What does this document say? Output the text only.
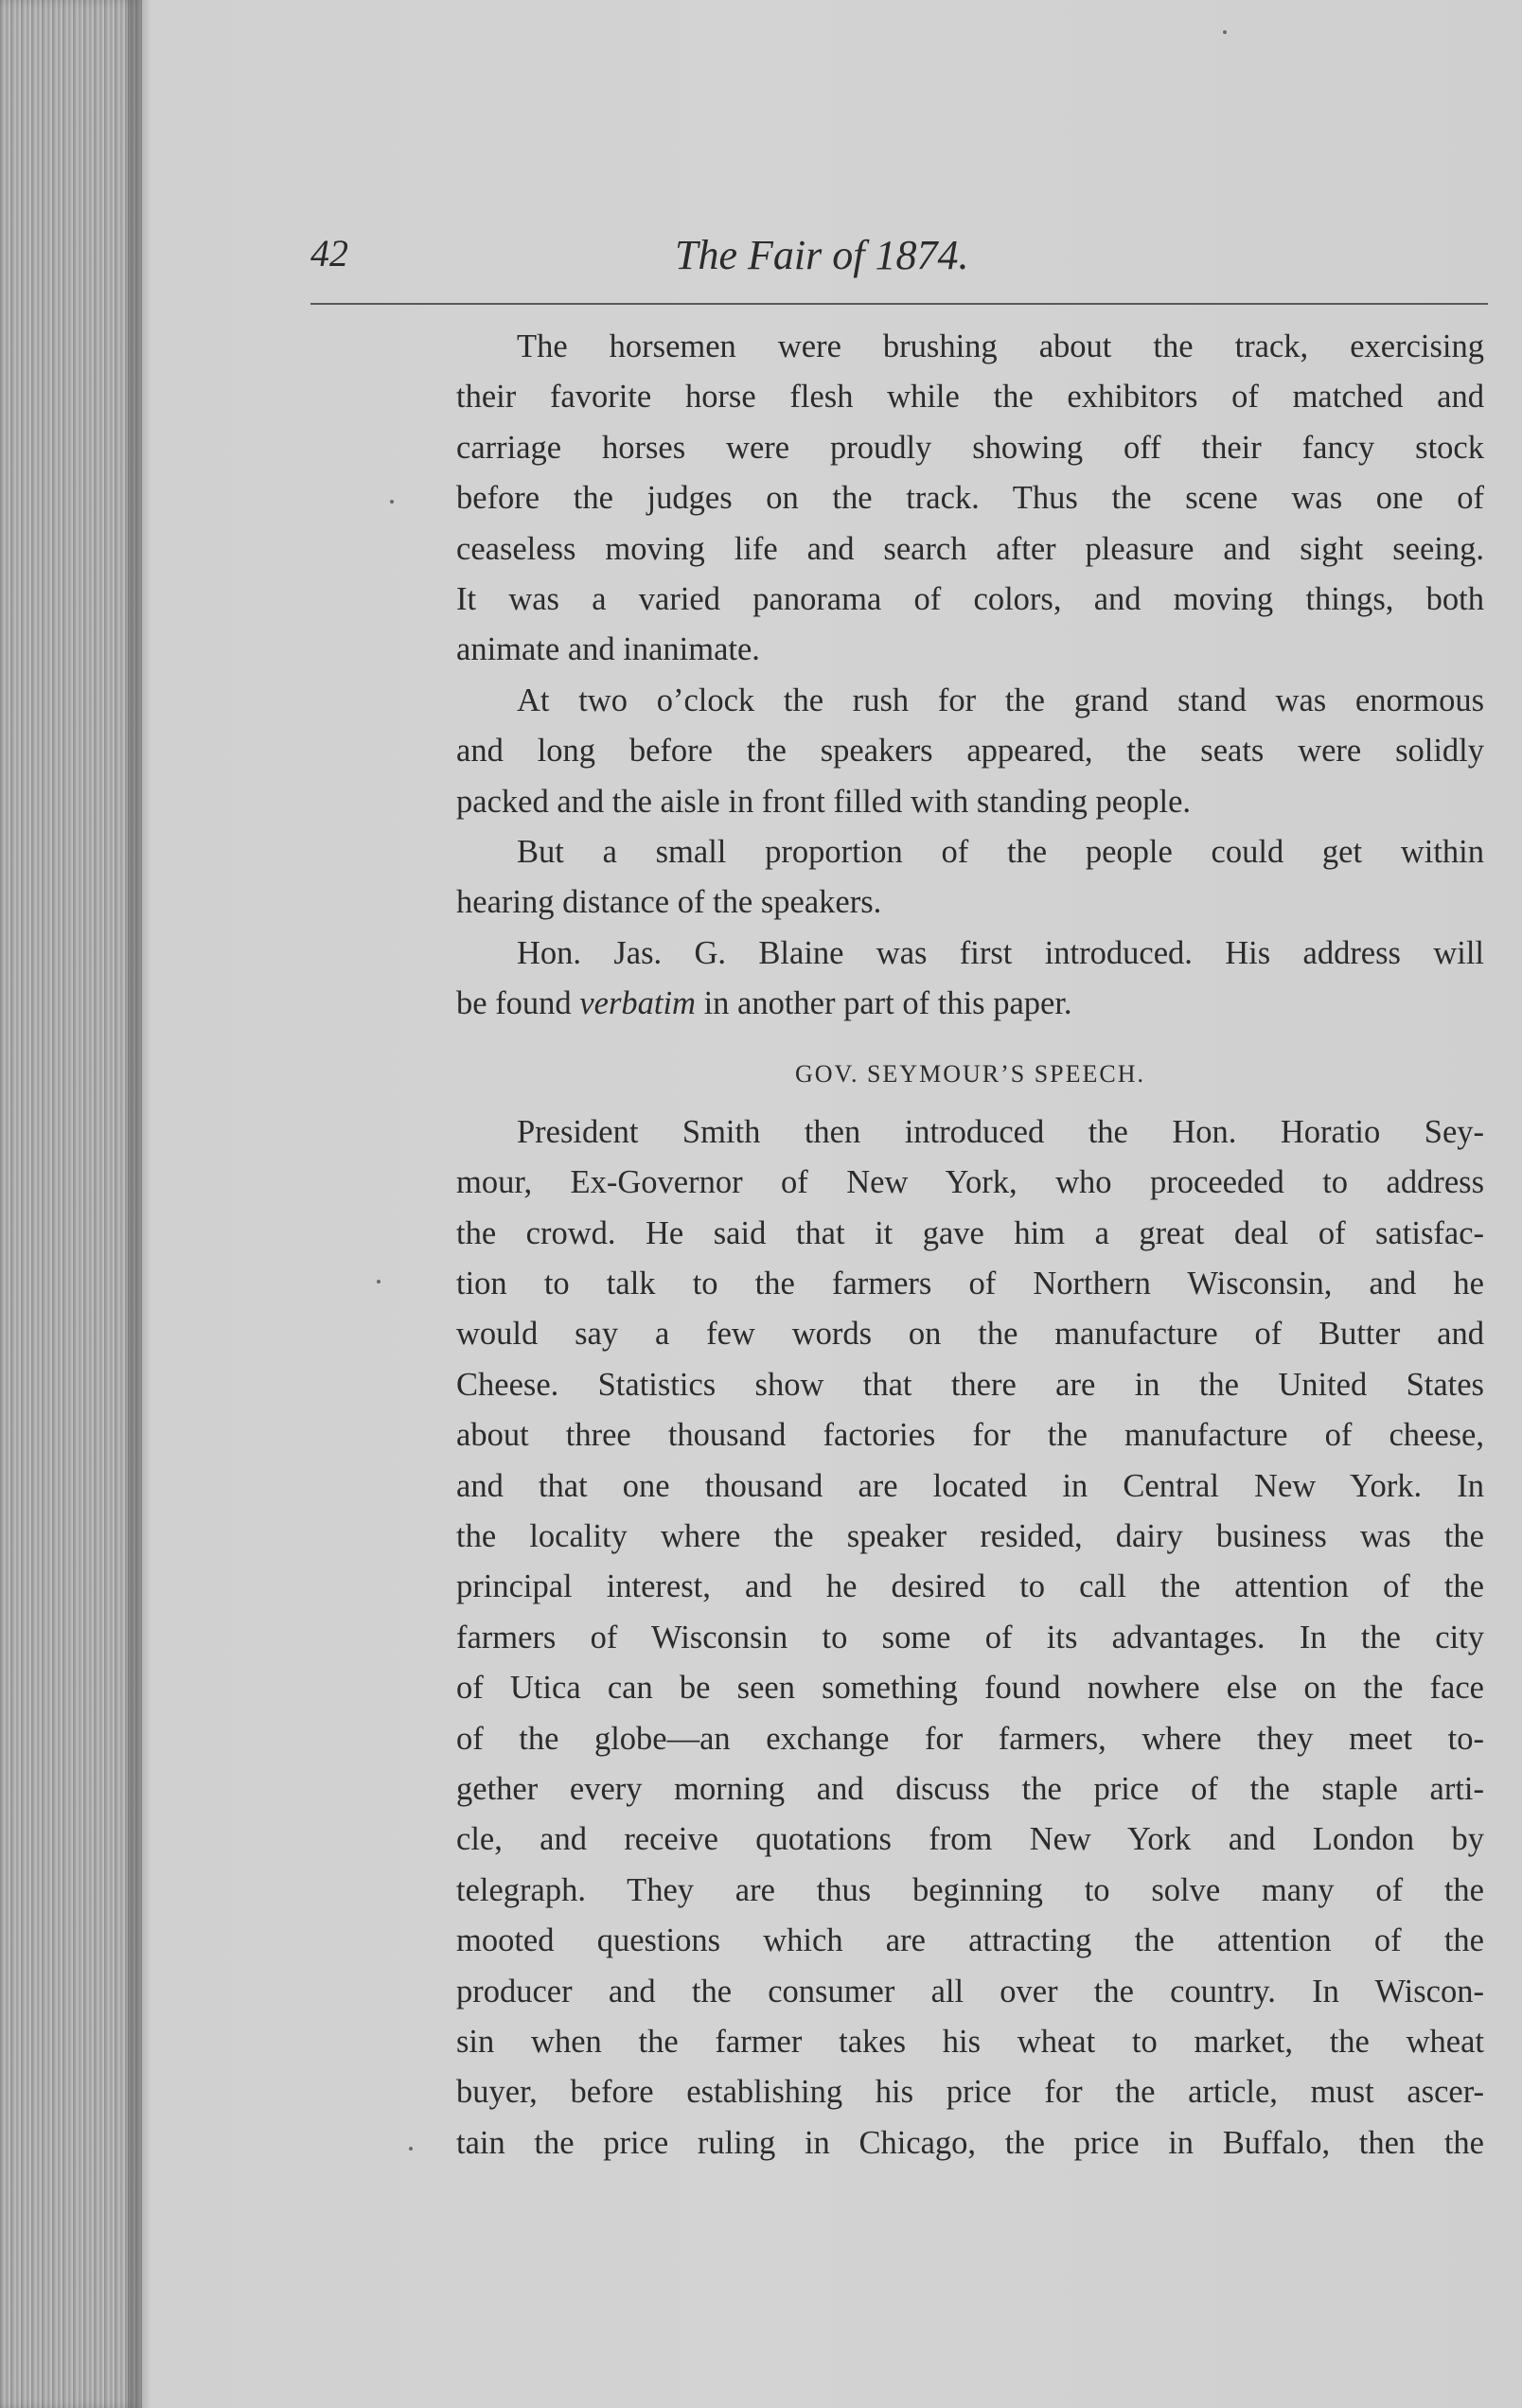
42	The Fair of 1874.

The horsemen were brushing about the track, exercising
their favorite horse flesh while the exhibitors of matched and
carriage horses were proudly showing off their fancy stock
before the judges on the track. Thus the scene was one of
ceaseless moving life and search after pleasure and sight seeing.
It was a varied panorama of colors, and moving things, both
animate and inanimate.

At two o’clock the rush for the grand stand was enormous
and long before the speakers appeared, the seats were solidly
packed and the aisle in front filled with standing people.

But a small proportion of the people could get within
hearing distance of the speakers.

Hon. Jas. G. Blaine was first introduced. His address will
be found verbatim in another part of this paper.

GOV. SEYMOUR’S SPEECH.

President Smith then introduced the Hon. Horatio Sey-
mour, Ex-Governor of New York, who proceeded to address
the crowd. He said that it gave him a great deal of satisfac-
tion to talk to the farmers of Northern Wisconsin, and he
would say a few words on the manufacture of Butter and
Cheese. Statistics show that there are in the United States
about three thousand factories for the manufacture of cheese,
and that one thousand are located in Central New York. In
the locality where the speaker resided, dairy business was the
principal interest, and he desired to call the attention of the
farmers of Wisconsin to some of its advantages. In the city
of Utica can be seen something found nowhere else on the face
of the globe—an exchange for farmers, where they meet to-
gether every morning and discuss the price of the staple arti-
cle, and receive quotations from New York and London by
telegraph. They are thus beginning to solve many of the
mooted questions which are attracting the attention of the
producer and the consumer all over the country. In Wiscon-
sin when the farmer takes his wheat to market, the wheat
buyer, before establishing his price for the article, must ascer-
tain the price ruling in Chicago, the price in Buffalo, then the
